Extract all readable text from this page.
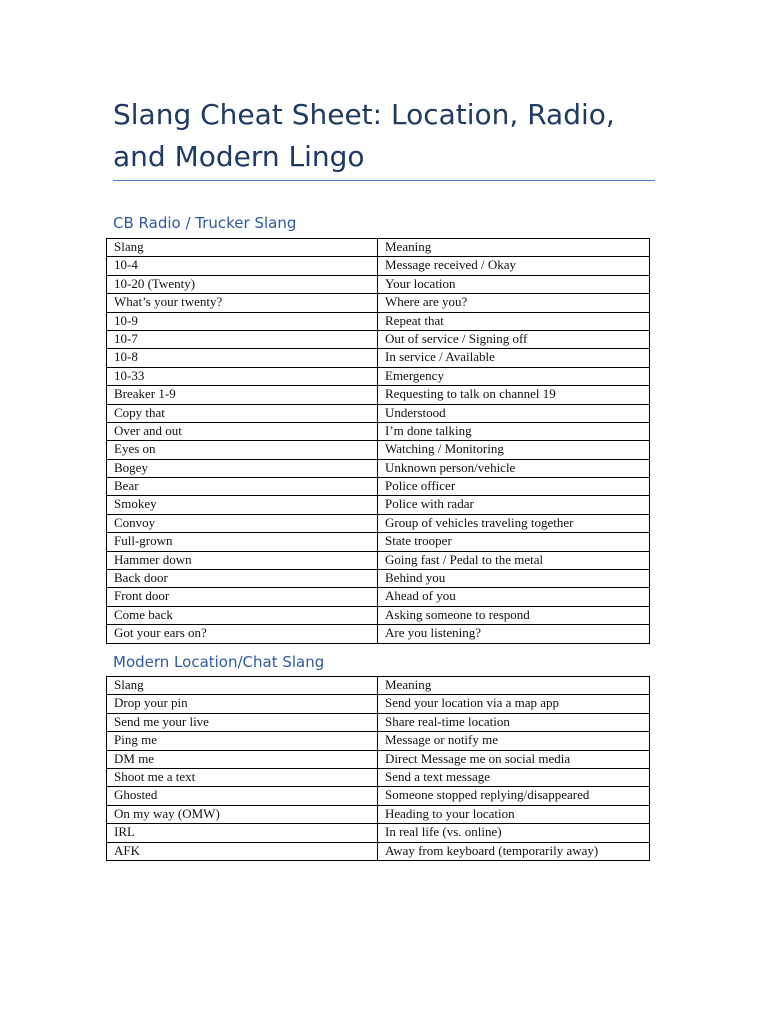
Slang Cheat Sheet: Location, Radio, and Modern Lingo
CB Radio / Trucker Slang
Slang	Meaning
10-4	Message received / Okay
10-20 (Twenty)	Your location
What’s your twenty?	Where are you?
10-9	Repeat that
10-7	Out of service / Signing off
10-8	In service / Available
10-33	Emergency
Breaker 1-9	Requesting to talk on channel 19
Copy that	Understood
Over and out	I’m done talking
Eyes on	Watching / Monitoring
Bogey	Unknown person/vehicle
Bear	Police officer
Smokey	Police with radar
Convoy	Group of vehicles traveling together
Full-grown	State trooper
Hammer down	Going fast / Pedal to the metal
Back door	Behind you
Front door	Ahead of you
Come back	Asking someone to respond
Got your ears on?	Are you listening?
Modern Location/Chat Slang
Slang	Meaning
Drop your pin	Send your location via a map app
Send me your live	Share real-time location
Ping me	Message or notify me
DM me	Direct Message me on social media
Shoot me a text	Send a text message
Ghosted	Someone stopped replying/disappeared
On my way (OMW)	Heading to your location
IRL	In real life (vs. online)
AFK	Away from keyboard (temporarily away)
